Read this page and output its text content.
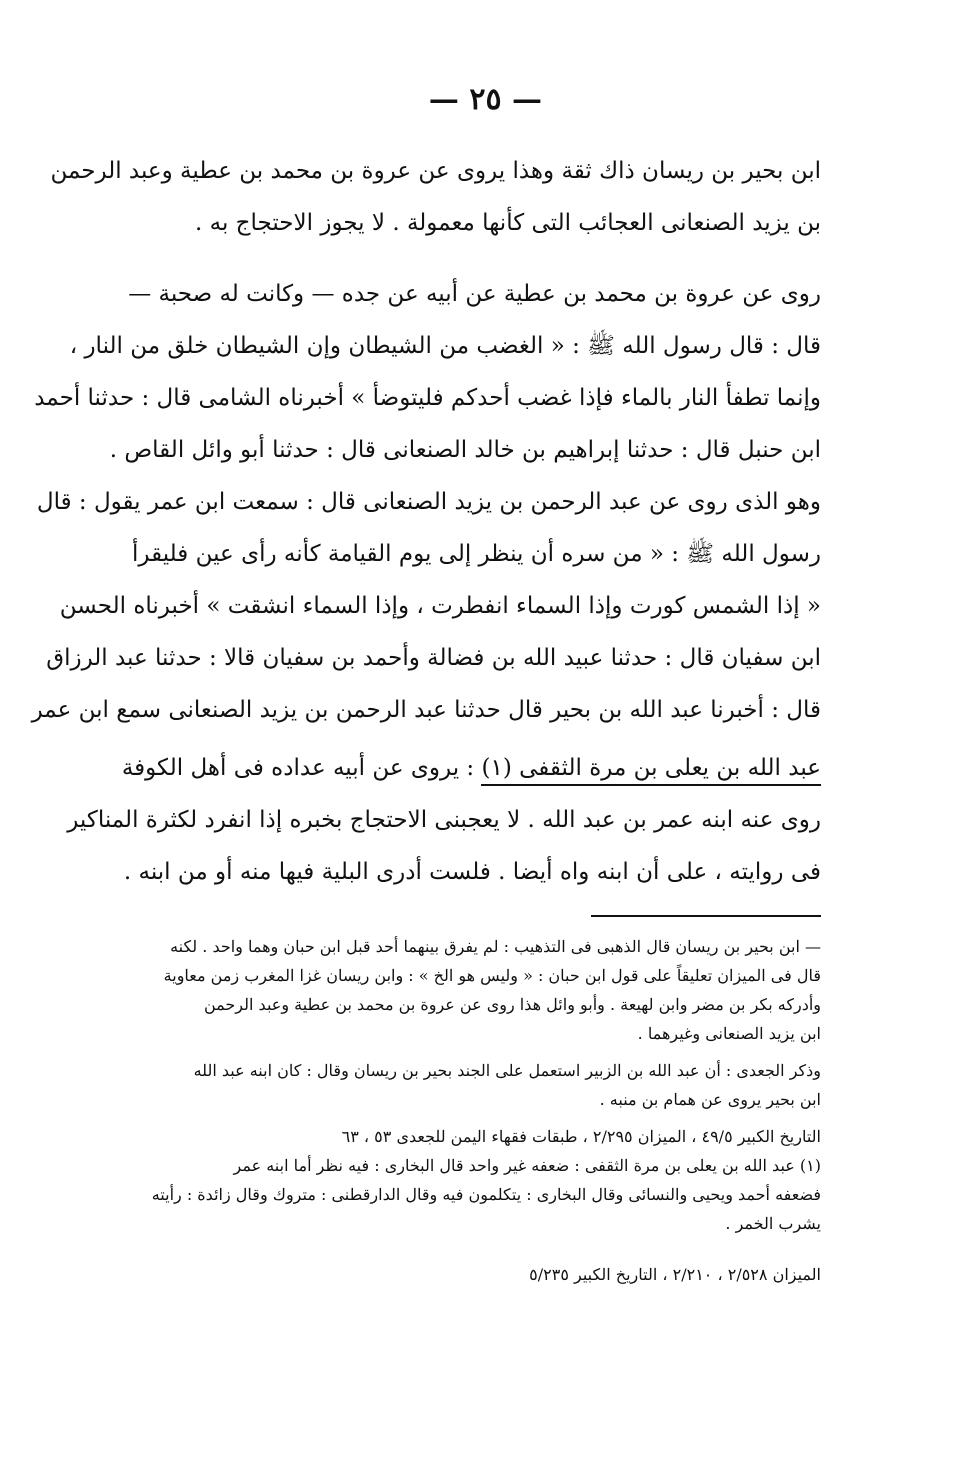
— ٢٥ —
ابن بحير بن ريسان ذاك ثقة وهذا يروى عن عروة بن محمد بن عطية وعبد الرحمن
بن يزيد الصنعانى العجائب التى كأنها معمولة . لا يجوز الاحتجاج به .
روى عن عروة بن محمد بن عطية عن أبيه عن جده — وكانت له صحبة —
قال : قال رسول الله ﷺ : « الغضب من الشيطان وإن الشيطان خلق من النار ،
وإنما تطفأ النار بالماء فإذا غضب أحدكم فليتوضأ » أخبرناه الشامى قال : حدثنا أحمد
ابن حنبل قال : حدثنا إبراهيم بن خالد الصنعانى قال : حدثنا أبو وائل القاص .
وهو الذى روى عن عبد الرحمن بن يزيد الصنعانى قال : سمعت ابن عمر يقول : قال
رسول الله ﷺ : « من سره أن ينظر إلى يوم القيامة كأنه رأى عين فليقرأ
« إذا الشمس كورت وإذا السماء انفطرت ، وإذا السماء انشقت » أخبرناه الحسن
ابن سفيان قال : حدثنا عبيد الله بن فضالة وأحمد بن سفيان قالا : حدثنا عبد الرزاق
قال : أخبرنا عبد الله بن بحير قال حدثنا عبد الرحمن بن يزيد الصنعانى سمع ابن عمر
عبد الله بن يعلى بن مرة الثقفى (١) : يروى عن أبيه عداده فى أهل الكوفة
روى عنه ابنه عمر بن عبد الله . لا يعجبنى الاحتجاج بخبره إذا انفرد لكثرة المناكير
فى روايته ، على أن ابنه واه أيضا . فلست أدرى البلية فيها منه أو من ابنه .
— ابن بحير بن ريسان قال الذهبى فى التذهيب : لم يفرق بينهما أحد قبل ابن حبان وهما واحد . لكنه
قال فى الميزان تعليقاً على قول ابن حبان : « وليس هو الخ » : وابن ريسان غزا المغرب زمن معاوية
وأدركه بكر بن مضر وابن لهيعة . وأبو وائل هذا روى عن عروة بن محمد بن عطية وعبد الرحمن
ابن يزيد الصنعانى وغيرهما .
وذكر الجعدى : أن عبد الله بن الزبير استعمل على الجند بحير بن ريسان وقال : كان ابنه عبد الله
ابن بحير يروى عن همام بن منبه .
التاريخ الكبير ٤٩/٥ ، الميزان ٢/٢٩٥ ، طبقات فقهاء اليمن للجعدى ٥٣ ، ٦٣
(١) عبد الله بن يعلى بن مرة الثقفى : ضعفه غير واحد قال البخارى : فيه نظر أما ابنه عمر
فضعفه أحمد ويحيى والنسائى وقال البخارى : يتكلمون فيه وقال الدارقطنى : متروك وقال زائدة : رأيته
يشرب الخمر .
الميزان ٢/٥٢٨ ، ٢/٢١٠ ، التاريخ الكبير ٥/٢٣٥
